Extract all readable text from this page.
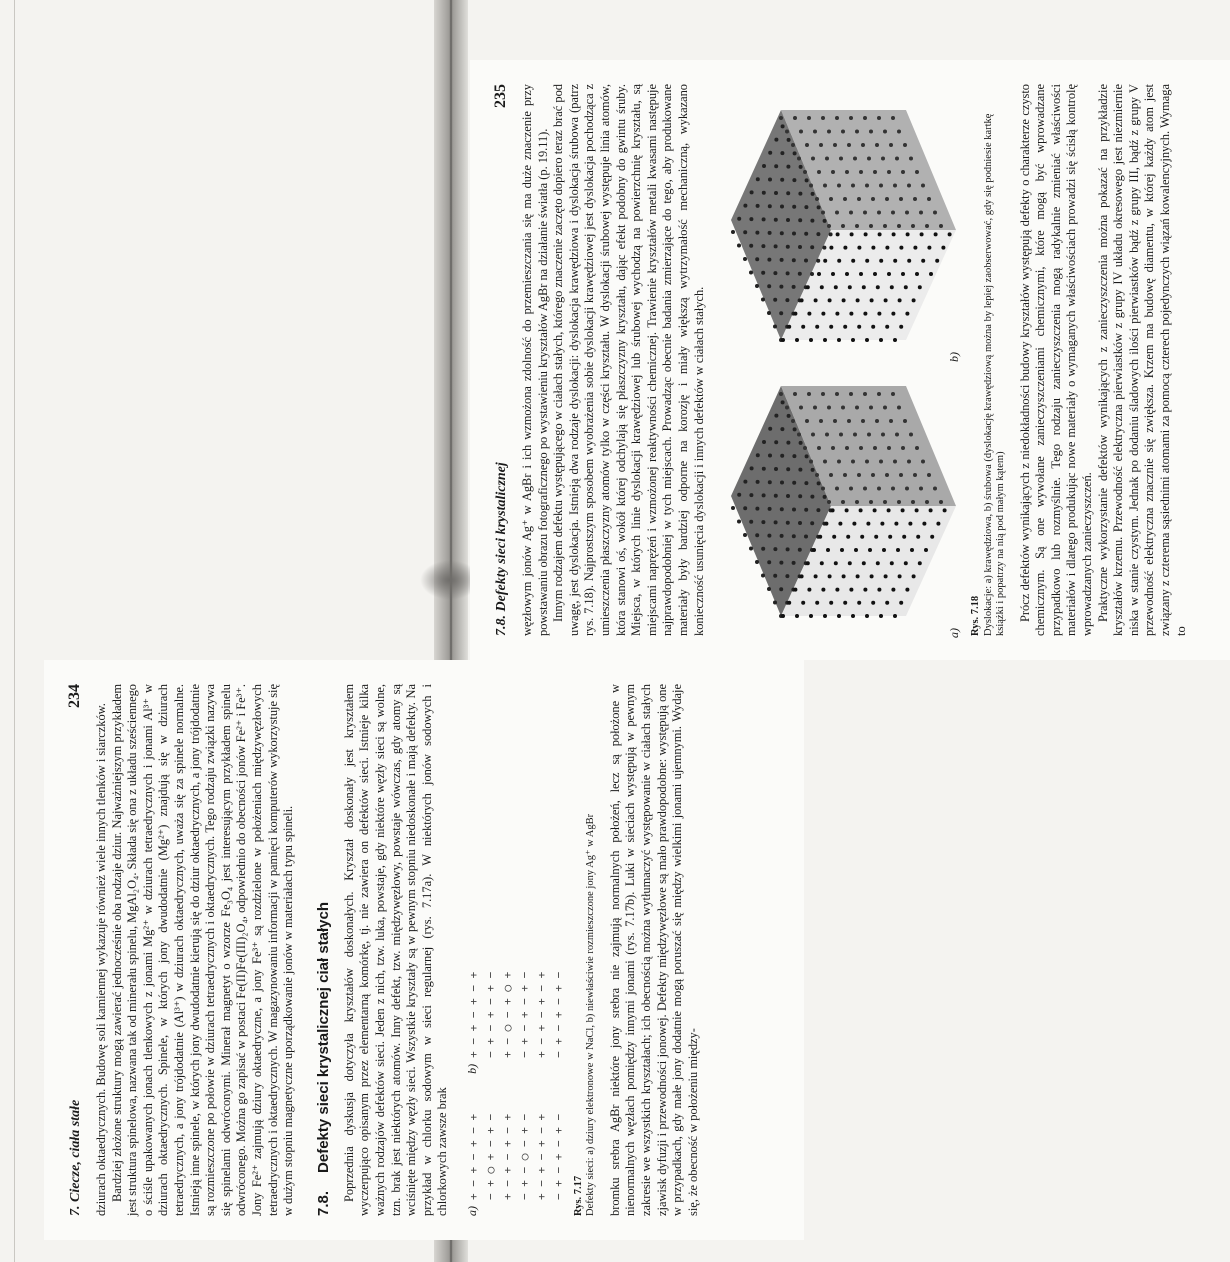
7. Ciecze, ciała stałe
234

dziurach oktaedrycznych. Budowę soli kamiennej wykazuje również wiele innych tlenków i siarczków. Bardziej złożone struktury mogą zawierać jednocześnie oba rodzaje dziur. Najważniejszym przykładem jest struktura spinelowa, nazwana tak od minerału spinelu, MgAl₂O₄. Składa się ona z układu sześciennego o ściśle upakowanych jonach tlenkowych z jonami Mg²⁺ w dziurach tetraedrycznych i jonami Al³⁺ w dziurach oktaedrycznych. Spinele, w których jony dwudodatnie (Mg²⁺) znajdują się w dziurach tetraedrycznych, a jony trójdodatnie (Al³⁺) w dziurach oktaedrycznych, uważa się za spinele normalne. Istnieją inne spinele, w których jony dwudodatnie kierują się do dziur oktaedrycznych, a jony trójdodatnie są rozmieszczone po połowie w dziurach tetraedrycznych i oktaedrycznych. Tego rodzaju związki nazywa się spinelami odwróconymi. Minerał magnetyt o wzorze Fe₃O₄ jest interesującym przykładem spinelu odwróconego. Można go zapisać w postaci Fe(II)Fe(III)₂O₄, odpowiednio do obecności jonów Fe²⁺ i Fe³⁺. Jony Fe²⁺ zajmują dziury oktaedryczne, a jony Fe³⁺ są rozdzielone w położeniach międzywęzłowych tetraedrycznych i oktaedrycznych. W magazynowaniu informacji w pamięci komputerów wykorzystuje się w dużym stopniu magnetyczne uporządkowanie jonów w materiałach typu spineli. 7.8.
Defekty sieci krystalicznej ciał stałych Poprzednia dyskusja dotyczyła kryształów doskonałych. Kryształ doskonały jest kryształem wyczerpująco opisanym przez elementarną komórkę, tj. nie zawiera on defektów sieci. Istnieje kilka ważnych rodzajów defektów sieci. Jeden z nich, tzw. luka, powstaje, gdy niektóre węzły sieci są wolne, tzn. brak jest niektórych atomów. Inny defekt, tzw. międzywęzłowy, powstaje wówczas, gdy atomy są wciśnięte między węzły sieci. Wszystkie kryształy są w pewnym stopniu niedoskonałe i mają defekty. Na przykład w chlorku sodowym w sieci regularnej (rys. 7.17a). W niektórych jonów sodowych i chlorkowych zawsze brak a)
+ − + − + − + − + ◯ + − + − + − + − + − + − + − ◯ − + − + − + − + − + − + − + − + −
b)
+ − + − + − + − + − + − + − + − ◯ − + ◯ + − + − + − + − + − + − + − + − + − + − + −
Rys. 7.17 Defekty sieci: a) dziury elektronowe w NaCl, b) niewłaściwie rozmieszczone jony Ag⁺ w AgBr bromku srebra AgBr niektóre jony srebra nie zajmują normalnych położeń, lecz są położone w nienormalnych węzłach pomiędzy innymi jonami (rys. 7.17b). Luki w sieciach występują w pewnym zakresie we wszystkich kryształach; ich obecnością można wytłumaczyć występowanie w ciałach stałych zjawisk dyfuzji i przewodności jonowej. Defekty międzywęzłowe są mało prawdopodobne: występują one w przypadkach, gdy małe jony dodatnie mogą poruszać się między wielkimi jonami ujemnymi. Wydaje się, że obecność w położeniu między-

7.8. Defekty sieci krystalicznej
235 węzłowym jonów Ag⁺ w AgBr i ich wzmożona zdolność do przemieszczania się ma duże znaczenie przy powstawaniu obrazu fotograficznego po wystawieniu kryształów AgBr na działanie światła (p. 19.11). Innym rodzajem defektu występującego w ciałach stałych, którego znaczenie zaczęto dopiero teraz brać pod uwagę, jest dyslokacja. Istnieją dwa rodzaje dyslokacji: dyslokacja krawędziowa i dyslokacja śrubowa (patrz rys. 7.18). Najprostszym sposobem wyobrażenia sobie dyslokacji krawędziowej jest dyslokacja pochodząca z umieszczenia płaszczyzny atomów tylko w części kryształu. W dyslokacji śrubowej występuje linia atomów, która stanowi oś, wokół której odchylają się płaszczyzny kryształu, dając efekt podobny do gwintu śruby. Miejsca, w których linie dyslokacji krawędziowej lub śrubowej wychodzą na powierzchnię kryształu, są miejscami naprężeń i wzmożonej reaktywności chemicznej. Trawienie kryształów metali kwasami następuje najprawdopodobniej w tych miejscach. Prowadząc obecnie badania zmierzające do tego, aby produkowane materiały były bardziej odporne na korozję i miały większą wytrzymałość mechaniczną, wykazano konieczność usunięcia dyslokacji i innych defektów w ciałach stałych.	a)
b)
Rys. 7.18 Dyslokacje: a) krawędziowa, b) śrubowa (dyslokację krawędziową można by lepiej zaobserwować, gdy się podniesie kartkę książki i popatrzy na nią pod małym kątem) Prócz defektów wynikających z niedokładności budowy kryształów występują defekty o charakterze czysto chemicznym. Są one wywołane zanieczyszczeniami chemicznymi, które mogą być wprowadzane przypadkowo lub rozmyślnie. Tego rodzaju zanieczyszczenia mogą radykalnie zmieniać właściwości materiałów i dlatego produkując nowe materiały o wymaganych właściwościach prowadzi się ścisłą kontrolę wprowadzanych zanieczyszczeń. Praktyczne wykorzystanie defektów wynikających z zanieczyszczenia można pokazać na przykładzie kryształów krzemu. Przewodność elektryczna pierwiastków z grupy IV układu okresowego jest niezmiernie niska w stanie czystym. Jednak po dodaniu śladowych ilości pierwiastków bądź z grupy III, bądź z grupy V przewodność elektryczna znacznie się zwiększa. Krzem ma budowę diamentu, w której każdy atom jest związany z czterema sąsiednimi atomami za pomocą czterech pojedynczych wiązań kowalencyjnych. Wymaga to
